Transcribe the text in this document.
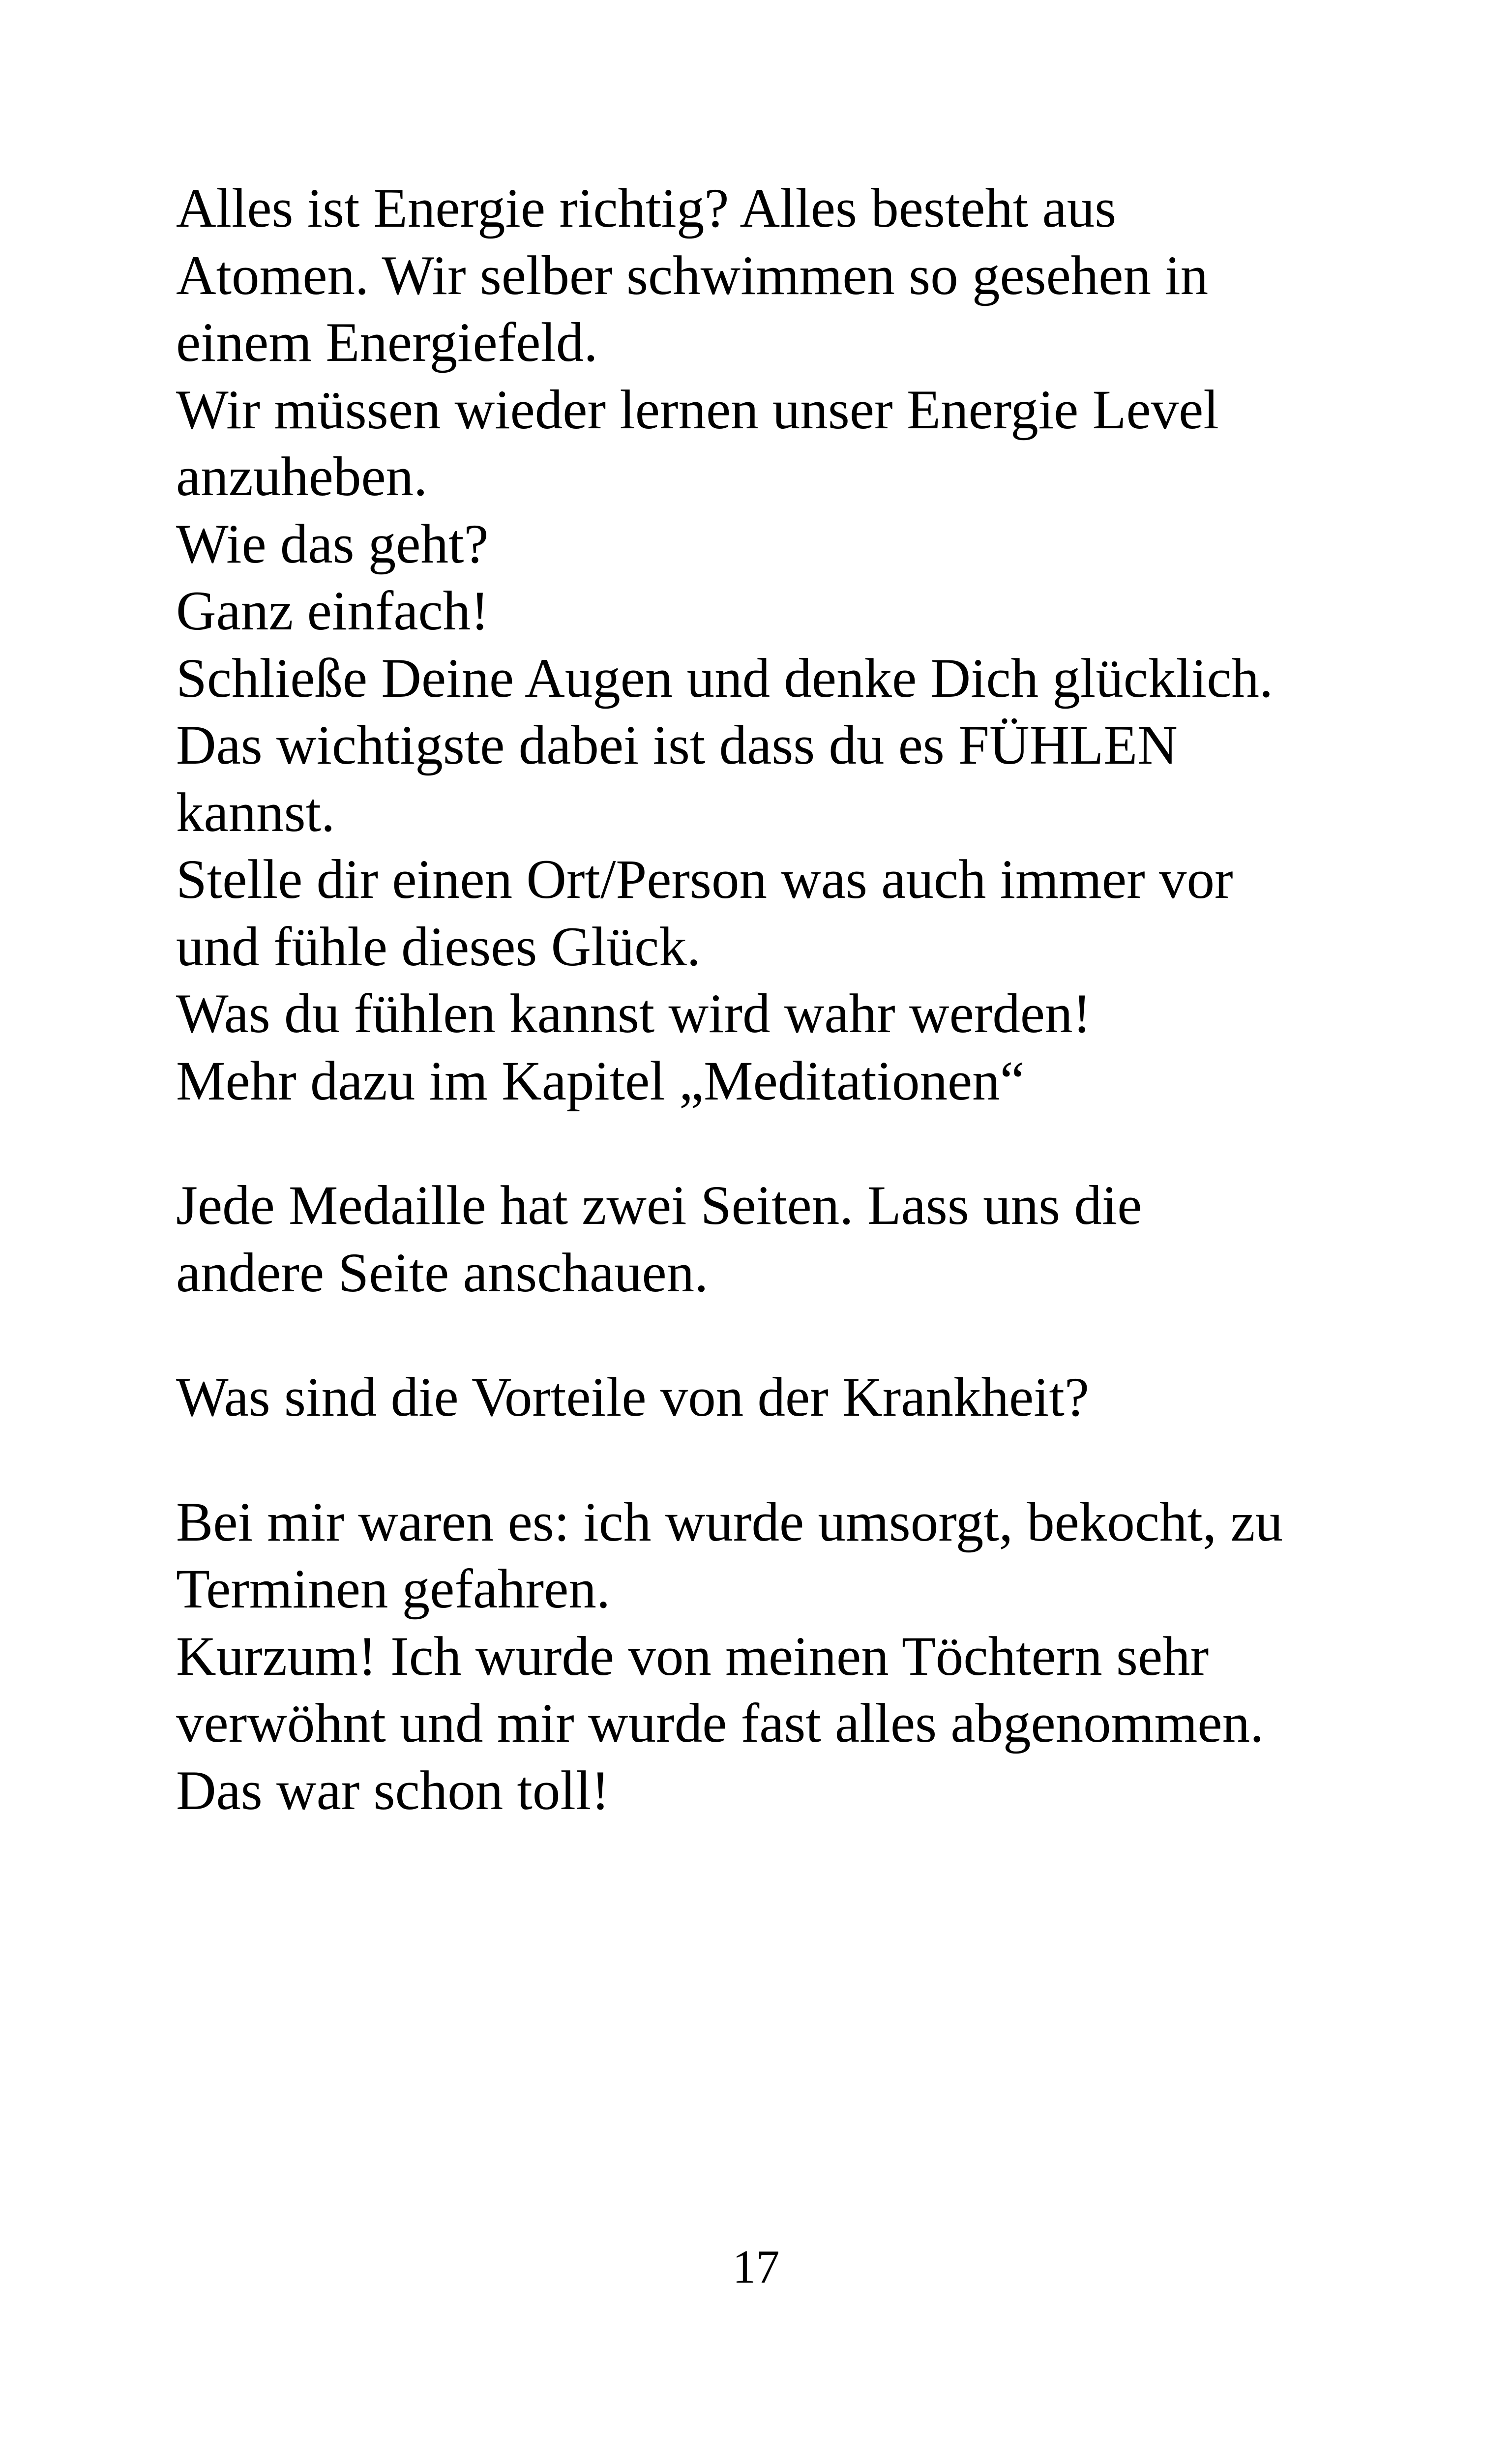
Alles ist Energie richtig? Alles besteht aus
Atomen. Wir selber schwimmen so gesehen in
einem Energiefeld.
Wir müssen wieder lernen unser Energie Level
anzuheben.
Wie das geht?
Ganz einfach!
Schließe Deine Augen und denke Dich glücklich.
Das wichtigste dabei ist dass du es FÜHLEN
kannst.
Stelle dir einen Ort/Person was auch immer vor
und fühle dieses Glück.
Was du fühlen kannst wird wahr werden!
Mehr dazu im Kapitel „Meditationen“
Jede Medaille hat zwei Seiten. Lass uns die
andere Seite anschauen.
Was sind die Vorteile von der Krankheit?
Bei mir waren es: ich wurde umsorgt, bekocht, zu
Terminen gefahren.
Kurzum! Ich wurde von meinen Töchtern sehr
verwöhnt und mir wurde fast alles abgenommen.
Das war schon toll!
17
